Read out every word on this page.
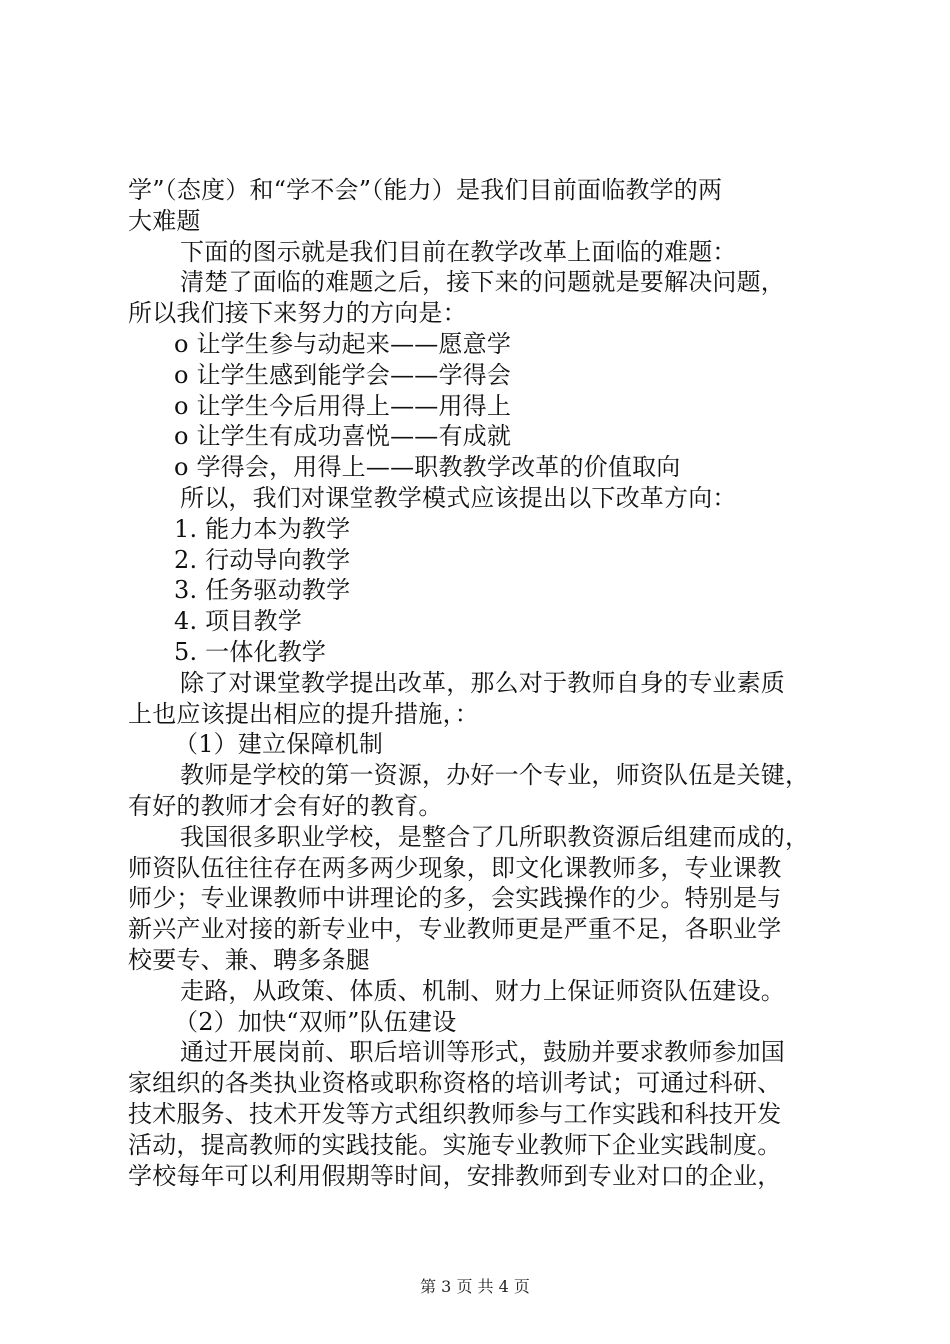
学”（态度）和“学不会”（能力）是我们目前面临教学的两
大难题
下面的图示就是我们目前在教学改革上面临的难题：
清楚了面临的难题之后，接下来的问题就是要解决问题，
所以我们接下来努力的方向是：
o 让学生参与动起来——愿意学
o 让学生感到能学会——学得会
o 让学生今后用得上——用得上
o 让学生有成功喜悦——有成就
o 学得会，用得上——职教教学改革的价值取向
所以，我们对课堂教学模式应该提出以下改革方向：
1. 能力本为教学
2. 行动导向教学
3. 任务驱动教学
4. 项目教学
5. 一体化教学
除了对课堂教学提出改革，那么对于教师自身的专业素质
上也应该提出相应的提升措施，：
（1）建立保障机制
教师是学校的第一资源，办好一个专业，师资队伍是关键，
有好的教师才会有好的教育。
我国很多职业学校，是整合了几所职教资源后组建而成的，
师资队伍往往存在两多两少现象，即文化课教师多，专业课教
师少；专业课教师中讲理论的多，会实践操作的少。特别是与
新兴产业对接的新专业中，专业教师更是严重不足，各职业学
校要专、兼、聘多条腿
走路，从政策、体质、机制、财力上保证师资队伍建设。
（2）加快“双师”队伍建设
通过开展岗前、职后培训等形式，鼓励并要求教师参加国
家组织的各类执业资格或职称资格的培训考试；可通过科研、
技术服务、技术开发等方式组织教师参与工作实践和科技开发
活动，提高教师的实践技能。实施专业教师下企业实践制度。
学校每年可以利用假期等时间，安排教师到专业对口的企业，
第 3 页 共 4 页
